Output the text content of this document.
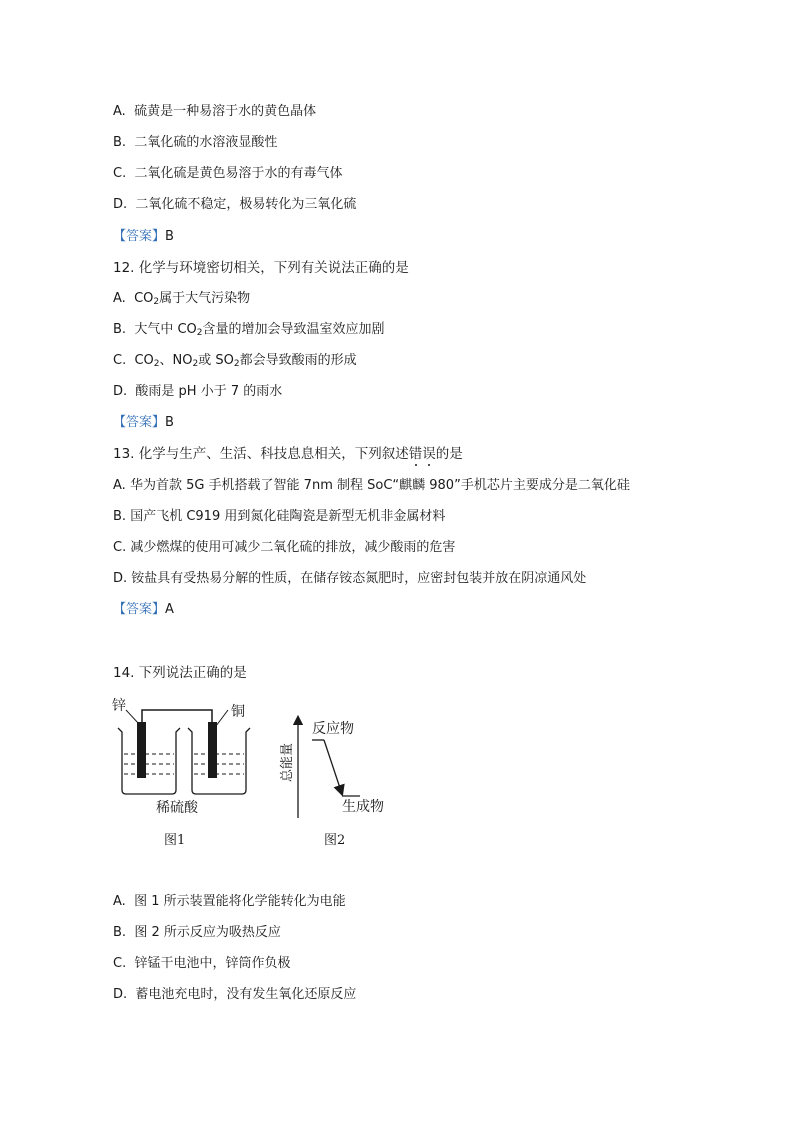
A. 硫黄是一种易溶于水的黄色晶体
B. 二氧化硫的水溶液显酸性
C. 二氧化硫是黄色易溶于水的有毒气体
D. 二氧化硫不稳定，极易转化为三氧化硫
【答案】B
12. 化学与环境密切相关，下列有关说法正确的是
A. $CO_2$属于大气污染物
B. 大气中 $CO_2$含量的增加会导致温室效应加剧
C. $CO_2$、$NO_2$或 $SO_2$都会导致酸雨的形成
D. 酸雨是 pH 小于 7 的雨水
【答案】B
13. 化学与生产、生活、科技息息相关，下列叙述错误的是
A. 华为首款 5G 手机搭载了智能 7nm 制程 SoC“麒麟 980”手机芯片主要成分是二氧化硅
B. 国产飞机 C919 用到氮化硅陶瓷是新型无机非金属材料
C. 减少燃煤的使用可减少二氧化硫的排放，减少酸雨的危害
D. 铵盐具有受热易分解的性质，在储存铵态氮肥时，应密封包装并放在阴凉通风处
【答案】A
14. 下列说法正确的是
锌	铜
稀硫酸
图1
反应物
生成物
总能量
图2
A. 图 1 所示装置能将化学能转化为电能
B. 图 2 所示反应为吸热反应
C. 锌锰干电池中，锌筒作负极
D. 蓄电池充电时，没有发生氧化还原反应
